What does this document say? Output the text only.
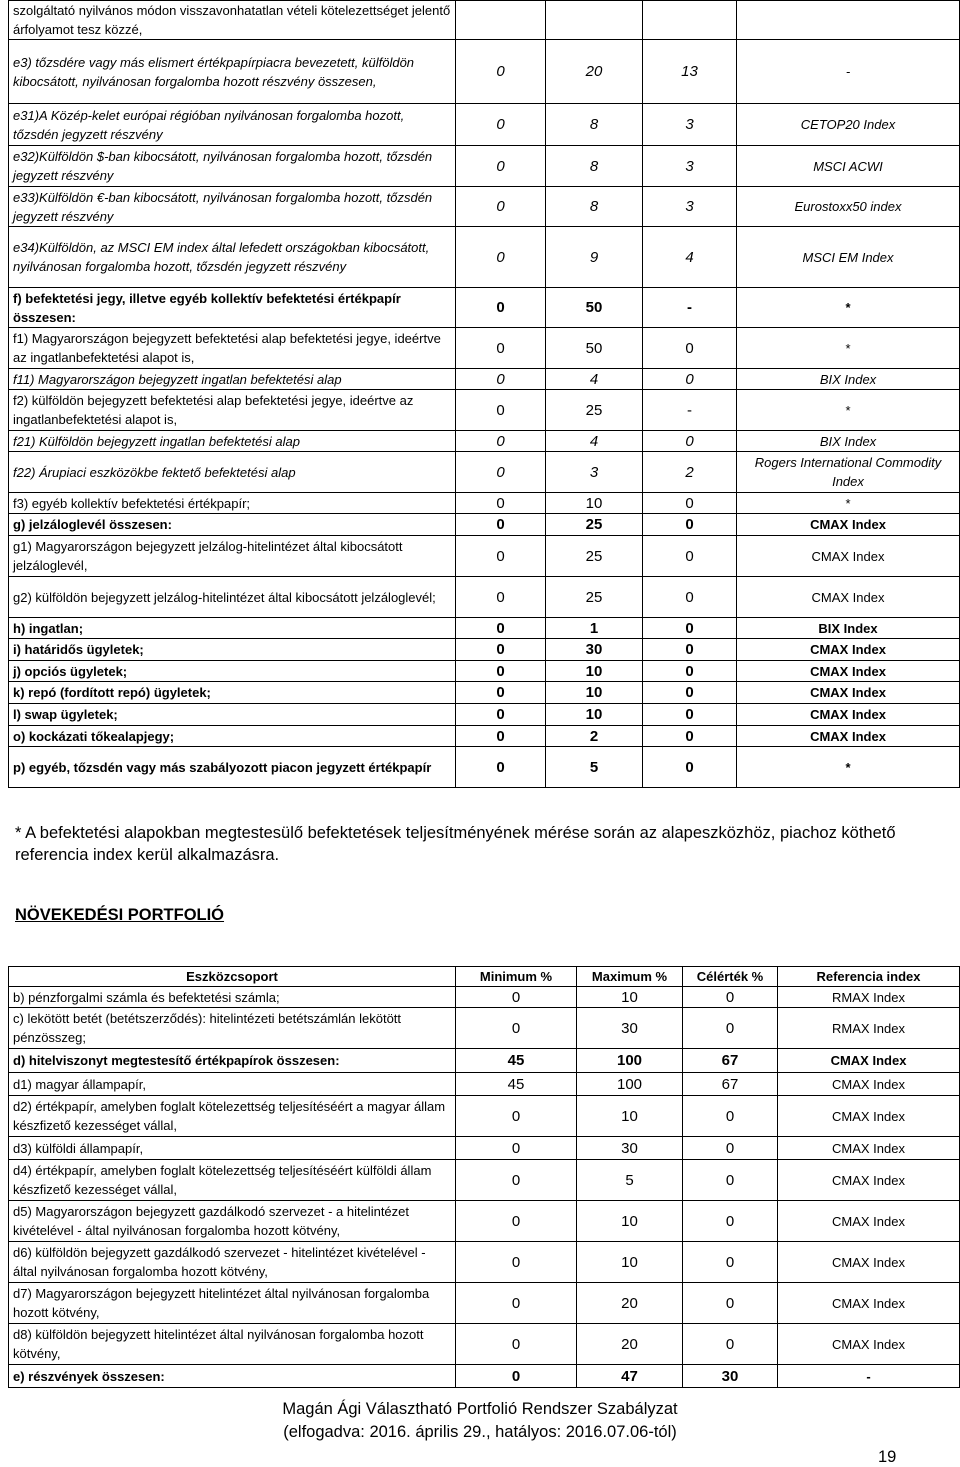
szolgáltató nyilvános módon visszavonhatatlan vételi kötelezettséget jelentő árfolyamot tesz közzé,				
e3) tőzsdére vagy más elismert értékpapírpiacra bevezetett, külföldön kibocsátott, nyilvánosan forgalomba hozott részvény összesen,	0	20	13	-
e31)A Közép-kelet európai régióban nyilvánosan forgalomba hozott, tőzsdén jegyzett részvény	0	8	3	CETOP20 Index
e32)Külföldön $-ban kibocsátott, nyilvánosan forgalomba hozott, tőzsdén jegyzett részvény	0	8	3	MSCI ACWI
e33)Külföldön €-ban kibocsátott, nyilvánosan forgalomba hozott, tőzsdén jegyzett részvény	0	8	3	Eurostoxx50 index
e34)Külföldön, az MSCI EM index által lefedett országokban kibocsátott, nyilvánosan forgalomba hozott, tőzsdén jegyzett részvény	0	9	4	MSCI EM Index
f) befektetési jegy, illetve egyéb kollektív befektetési értékpapír összesen:	0	50	-	*
f1) Magyarországon bejegyzett befektetési alap befektetési jegye, ideértve az ingatlanbefektetési alapot is,	0	50	0	*
f11) Magyarországon bejegyzett ingatlan befektetési alap	0	4	0	BIX Index
f2) külföldön bejegyzett befektetési alap befektetési jegye, ideértve az ingatlanbefektetési alapot is,	0	25	-	*
f21) Külföldön bejegyzett ingatlan befektetési alap	0	4	0	BIX Index
f22) Árupiaci eszközökbe fektető befektetési alap	0	3	2	Rogers International Commodity Index
f3) egyéb kollektív befektetési értékpapír;	0	10	0	*
g) jelzáloglevél összesen:	0	25	0	CMAX Index
g1) Magyarországon bejegyzett jelzálog-hitelintézet által kibocsátott jelzáloglevél,	0	25	0	CMAX Index
g2) külföldön bejegyzett jelzálog-hitelintézet által kibocsátott jelzáloglevél;	0	25	0	CMAX Index
h) ingatlan;	0	1	0	BIX Index
i) határidős ügyletek;	0	30	0	CMAX Index
j) opciós ügyletek;	0	10	0	CMAX Index
k) repó (fordított repó) ügyletek;	0	10	0	CMAX Index
l) swap ügyletek;	0	10	0	CMAX Index
o) kockázati tőkealapjegy;	0	2	0	CMAX Index
p) egyéb, tőzsdén vagy más szabályozott piacon jegyzett értékpapír	0	5	0	*
* A befektetési alapokban megtestesülő befektetések teljesítményének mérése során az alapeszközhöz, piachoz köthető referencia index kerül alkalmazásra.
NÖVEKEDÉSI PORTFOLIÓ
Eszközcsoport	Minimum %	Maximum %	Célérték %	Referencia index
b) pénzforgalmi számla és befektetési számla;	0	10	0	RMAX Index
c) lekötött betét (betétszerződés): hitelintézeti betétszámlán lekötött pénzösszeg;	0	30	0	RMAX Index
d) hitelviszonyt megtestesítő értékpapírok összesen:	45	100	67	CMAX Index
d1) magyar állampapír,	45	100	67	CMAX Index
d2) értékpapír, amelyben foglalt kötelezettség teljesítéséért a magyar állam készfizető kezességet vállal,	0	10	0	CMAX Index
d3) külföldi állampapír,	0	30	0	CMAX Index
d4) értékpapír, amelyben foglalt kötelezettség teljesítéséért külföldi állam készfizető kezességet vállal,	0	5	0	CMAX Index
d5) Magyarországon bejegyzett gazdálkodó szervezet - a hitelintézet kivételével - által nyilvánosan forgalomba hozott kötvény,	0	10	0	CMAX Index
d6) külföldön bejegyzett gazdálkodó szervezet - hitelintézet kivételével - által nyilvánosan forgalomba hozott kötvény,	0	10	0	CMAX Index
d7) Magyarországon bejegyzett hitelintézet által nyilvánosan forgalomba hozott kötvény,	0	20	0	CMAX Index
d8) külföldön bejegyzett hitelintézet által nyilvánosan forgalomba hozott kötvény,	0	20	0	CMAX Index
e) részvények összesen:	0	47	30	-
Magán Ági Választható Portfolió Rendszer Szabályzat
(elfogadva: 2016. április 29., hatályos: 2016.07.06-tól)
19
